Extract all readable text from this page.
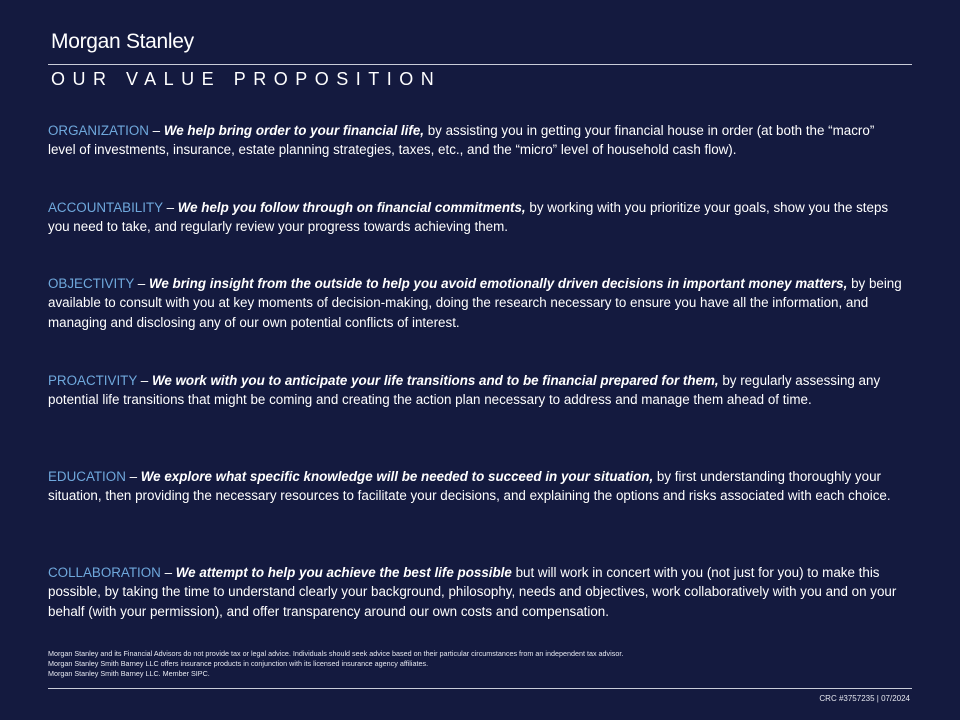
Morgan Stanley
OUR VALUE PROPOSITION
ORGANIZATION – We help bring order to your financial life, by assisting you in getting your financial house in order (at both the “macro” level of investments, insurance, estate planning strategies, taxes, etc., and the “micro” level of household cash flow).
ACCOUNTABILITY – We help you follow through on financial commitments, by working with you prioritize your goals, show you the steps you need to take, and regularly review your progress towards achieving them.
OBJECTIVITY – We bring insight from the outside to help you avoid emotionally driven decisions in important money matters, by being available to consult with you at key moments of decision-making, doing the research necessary to ensure you have all the information, and managing and disclosing any of our own potential conflicts of interest.
PROACTIVITY – We work with you to anticipate your life transitions and to be financial prepared for them, by regularly assessing any potential life transitions that might be coming and creating the action plan necessary to address and manage them ahead of time.
EDUCATION – We explore what specific knowledge will be needed to succeed in your situation, by first understanding thoroughly your situation, then providing the necessary resources to facilitate your decisions, and explaining the options and risks associated with each choice.
COLLABORATION – We attempt to help you achieve the best life possible but will work in concert with you (not just for you) to make this possible, by taking the time to understand clearly your background, philosophy, needs and objectives, work collaboratively with you and on your behalf (with your permission), and offer transparency around our own costs and compensation.
Morgan Stanley and its Financial Advisors do not provide tax or legal advice. Individuals should seek advice based on their particular circumstances from an independent tax advisor.
Morgan Stanley Smith Barney LLC offers insurance products in conjunction with its licensed insurance agency affiliates.
Morgan Stanley Smith Barney LLC. Member SIPC.
CRC #3757235 | 07/2024
